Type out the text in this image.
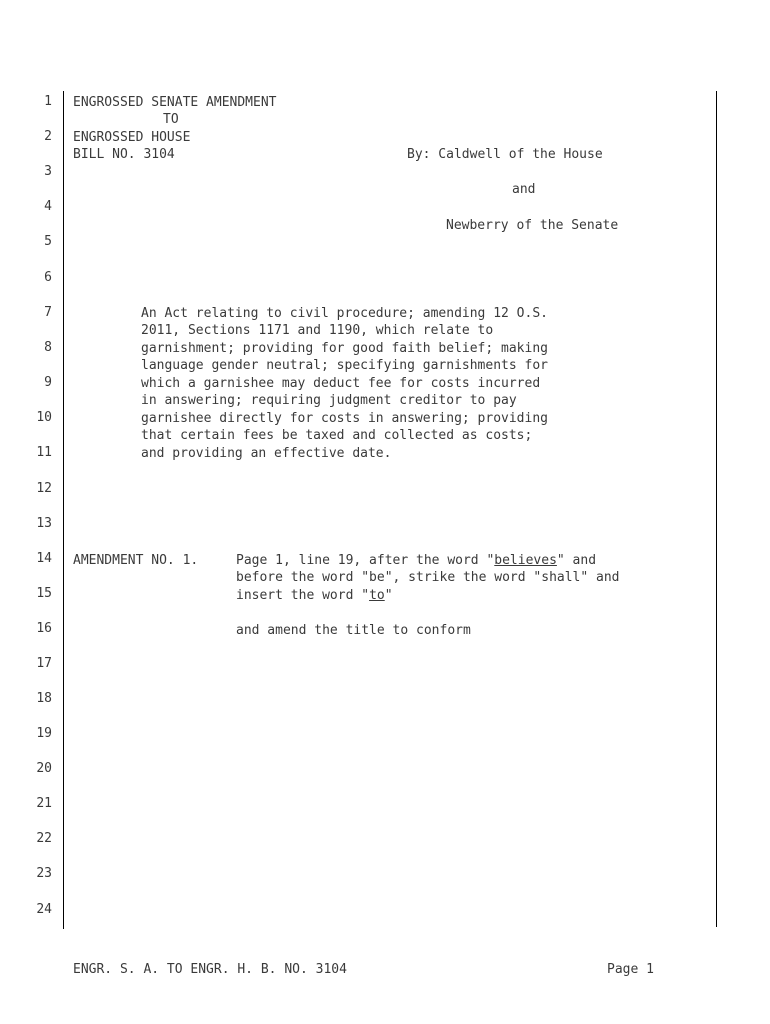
1
2
3
4
5
6
7
8
9
10
11
12
13
14
15
16
17
18
19
20
21
22
23
24
ENGROSSED SENATE AMENDMENT
TO
ENGROSSED HOUSE
BILL NO. 3104	By: Caldwell of the House
and
Newberry of the Senate
An Act relating to civil procedure; amending 12 O.S.
2011, Sections 1171 and 1190, which relate to
garnishment; providing for good faith belief; making
language gender neutral; specifying garnishments for
which a garnishee may deduct fee for costs incurred
in answering; requiring judgment creditor to pay
garnishee directly for costs in answering; providing
that certain fees be taxed and collected as costs;
and providing an effective date.
AMENDMENT NO. 1.	Page 1, line 19, after the word "believes" and
before the word "be", strike the word "shall" and
insert the word "to"
and amend the title to conform
ENGR. S. A. TO ENGR. H. B. NO. 3104	Page 1
